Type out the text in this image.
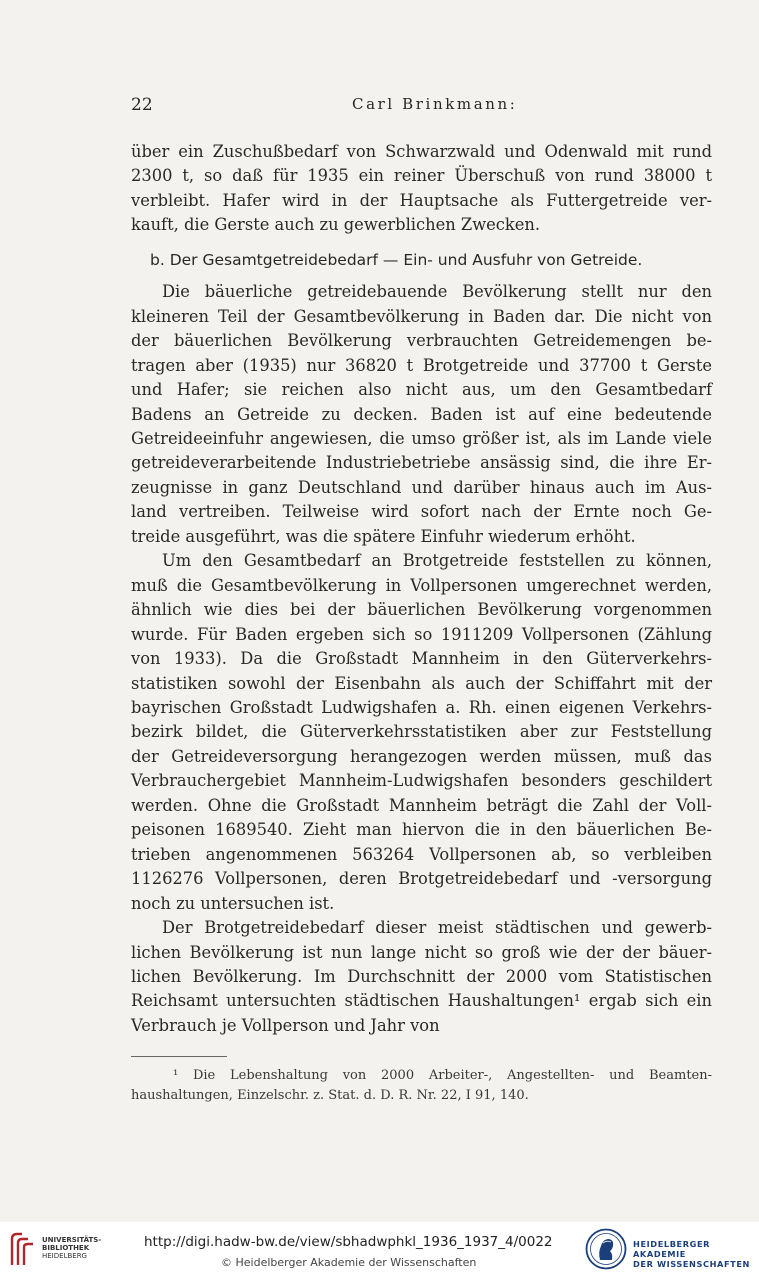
22	Carl Brinkmann:
über ein Zuschußbedarf von Schwarzwald und Odenwald mit rund
2300 t, so daß für 1935 ein reiner Überschuß von rund 38000 t
verbleibt. Hafer wird in der Hauptsache als Futtergetreide ver-
kauft, die Gerste auch zu gewerblichen Zwecken.
b. Der Gesamtgetreidebedarf — Ein- und Ausfuhr von Getreide.
Die bäuerliche getreidebauende Bevölkerung stellt nur den
kleineren Teil der Gesamtbevölkerung in Baden dar. Die nicht von
der bäuerlichen Bevölkerung verbrauchten Getreidemengen be-
tragen aber (1935) nur 36820 t Brotgetreide und 37700 t Gerste
und Hafer; sie reichen also nicht aus, um den Gesamtbedarf
Badens an Getreide zu decken. Baden ist auf eine bedeutende
Getreideeinfuhr angewiesen, die umso größer ist, als im Lande viele
getreideverarbeitende Industriebetriebe ansässig sind, die ihre Er-
zeugnisse in ganz Deutschland und darüber hinaus auch im Aus-
land vertreiben. Teilweise wird sofort nach der Ernte noch Ge-
treide ausgeführt, was die spätere Einfuhr wiederum erhöht.
Um den Gesamtbedarf an Brotgetreide feststellen zu können,
muß die Gesamtbevölkerung in Vollpersonen umgerechnet werden,
ähnlich wie dies bei der bäuerlichen Bevölkerung vorgenommen
wurde. Für Baden ergeben sich so 1911209 Vollpersonen (Zählung
von 1933). Da die Großstadt Mannheim in den Güterverkehrs-
statistiken sowohl der Eisenbahn als auch der Schiffahrt mit der
bayrischen Großstadt Ludwigshafen a. Rh. einen eigenen Verkehrs-
bezirk bildet, die Güterverkehrsstatistiken aber zur Feststellung
der Getreideversorgung herangezogen werden müssen, muß das
Verbrauchergebiet Mannheim-Ludwigshafen besonders geschildert
werden. Ohne die Großstadt Mannheim beträgt die Zahl der Voll-
peisonen 1689540. Zieht man hiervon die in den bäuerlichen Be-
trieben angenommenen 563264 Vollpersonen ab, so verbleiben
1126276 Vollpersonen, deren Brotgetreidebedarf und -versorgung
noch zu untersuchen ist.
Der Brotgetreidebedarf dieser meist städtischen und gewerb-
lichen Bevölkerung ist nun lange nicht so groß wie der der bäuer-
lichen Bevölkerung. Im Durchschnitt der 2000 vom Statistischen
Reichsamt untersuchten städtischen Haushaltungen¹ ergab sich ein
Verbrauch je Vollperson und Jahr von
¹ Die Lebenshaltung von 2000 Arbeiter-, Angestellten- und Beamten-
haushaltungen, Einzelschr. z. Stat. d. D. R. Nr. 22, I 91, 140.
UNIVERSITÄTS-
BIBLIOTHEK
HEIDELBERG
http://digi.hadw-bw.de/view/sbhadwphkl_1936_1937_4/0022
© Heidelberger Akademie der Wissenschaften
HEIDELBERGER AKADEMIE
DER WISSENSCHAFTEN
